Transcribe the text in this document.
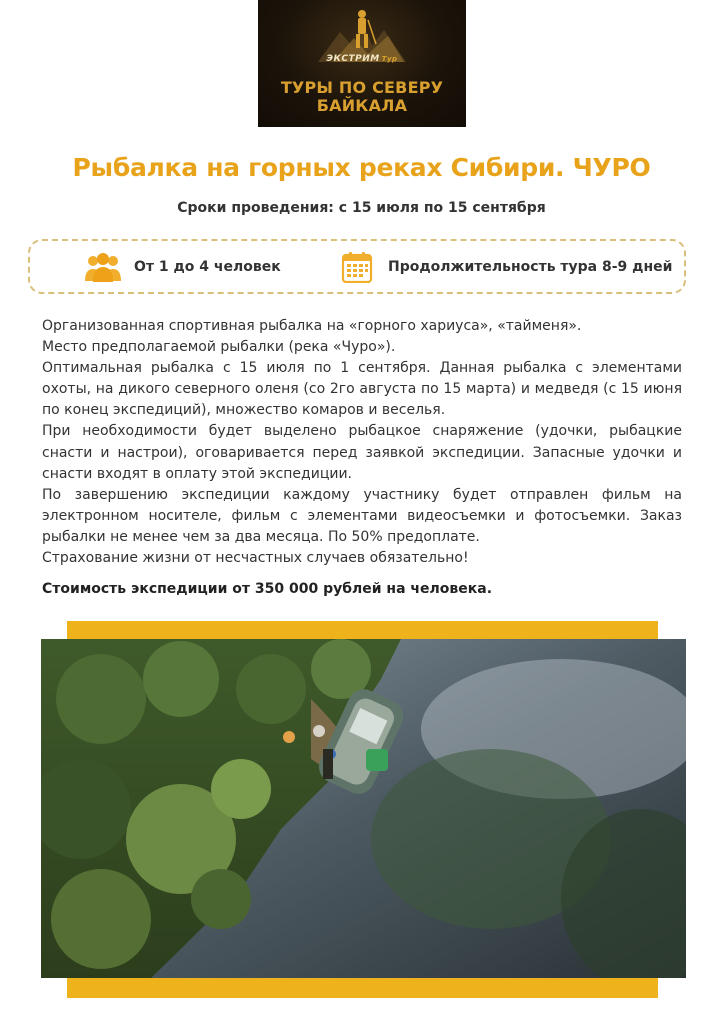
ЭКСТРИМ Тур
ТУРЫ ПО СЕВЕРУ
БАЙКАЛА
Рыбалка на горных реках Сибири. ЧУРО
Сроки проведения: с 15 июля по 15 сентября
От 1 до 4 человек	Продолжительность тура 8-9 дней

Организованная спортивная рыбалка на «горного хариуса», «тайменя».

Место предполагаемой рыбалки (река «Чуро»).

Оптимальная рыбалка с 15 июля по 1 сентября. Данная рыбалка с элементами охоты, на дикого северного оленя (со 2го августа по 15 марта) и медведя (с 15 июня по конец экспедиций), множество комаров и веселья.

При необходимости будет выделено рыбацкое снаряжение (удочки, рыбацкие снасти и настрои), оговаривается перед заявкой экспедиции. Запасные удочки и снасти входят в оплату этой экспедиции.

По завершению экспедиции каждому участнику будет отправлен фильм на электронном носителе, фильм с элементами видеосъемки и фотосъемки. Заказ рыбалки не менее чем за два месяца. По 50% предоплате.

Страхование жизни от несчастных случаев обязательно!

Стоимость экспедиции от 350 000 рублей на человека.
